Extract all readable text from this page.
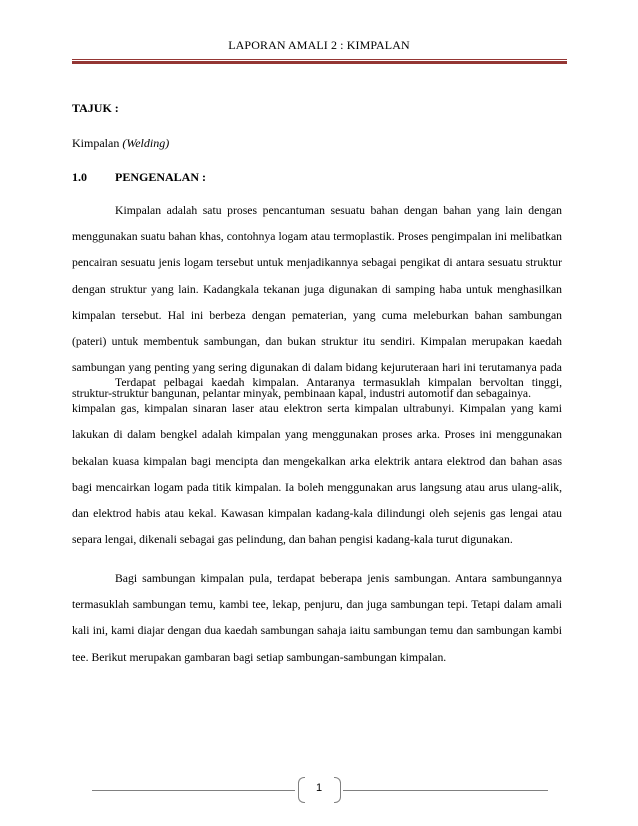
LAPORAN AMALI 2 : KIMPALAN
TAJUK :
Kimpalan (Welding)
1.0 PENGENALAN :
Kimpalan adalah satu proses pencantuman sesuatu bahan dengan bahan yang lain dengan menggunakan suatu bahan khas, contohnya logam atau termoplastik. Proses pengimpalan ini melibatkan pencairan sesuatu jenis logam tersebut untuk menjadikannya sebagai pengikat di antara sesuatu struktur dengan struktur yang lain. Kadangkala tekanan juga digunakan di samping haba untuk menghasilkan kimpalan tersebut. Hal ini berbeza dengan pematerian, yang cuma meleburkan bahan sambungan (pateri) untuk membentuk sambungan, dan bukan struktur itu sendiri. Kimpalan merupakan kaedah sambungan yang penting yang sering digunakan di dalam bidang kejuruteraan hari ini terutamanya pada struktur-struktur bangunan, pelantar minyak, pembinaan kapal, industri automotif dan sebagainya.
Terdapat pelbagai kaedah kimpalan. Antaranya termasuklah kimpalan bervoltan tinggi, kimpalan gas, kimpalan sinaran laser atau elektron serta kimpalan ultrabunyi. Kimpalan yang kami lakukan di dalam bengkel adalah kimpalan yang menggunakan proses arka. Proses ini menggunakan bekalan kuasa kimpalan bagi mencipta dan mengekalkan arka elektrik antara elektrod dan bahan asas bagi mencairkan logam pada titik kimpalan. Ia boleh menggunakan arus langsung atau arus ulang-alik, dan elektrod habis atau kekal. Kawasan kimpalan kadang-kala dilindungi oleh sejenis gas lengai atau separa lengai, dikenali sebagai gas pelindung, dan bahan pengisi kadang-kala turut digunakan.
Bagi sambungan kimpalan pula, terdapat beberapa jenis sambungan. Antara sambungannya termasuklah sambungan temu, kambi tee, lekap, penjuru, dan juga sambungan tepi. Tetapi dalam amali kali ini, kami diajar dengan dua kaedah sambungan sahaja iaitu sambungan temu dan sambungan kambi tee. Berikut merupakan gambaran bagi setiap sambungan-sambungan kimpalan.
1
